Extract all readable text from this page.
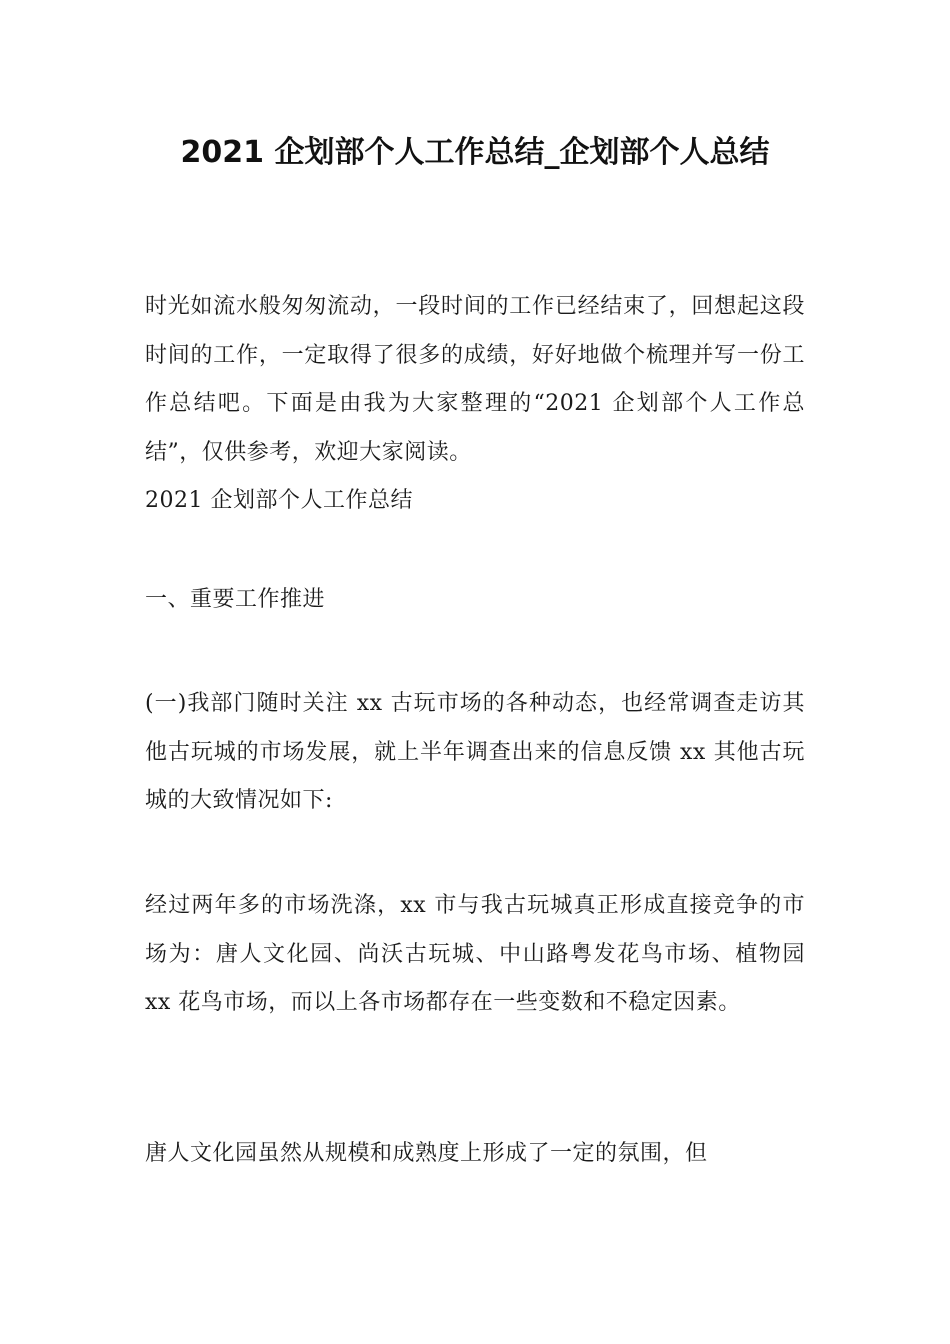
2021 企划部个人工作总结_企划部个人总结

时光如流水般匆匆流动，一段时间的工作已经结束了，回想起这段时间的工作，一定取得了很多的成绩，好好地做个梳理并写一份工作总结吧。下面是由我为大家整理的“2021 企划部个人工作总结”，仅供参考，欢迎大家阅读。

2021 企划部个人工作总结

一、重要工作推进

(一)我部门随时关注 xx 古玩市场的各种动态，也经常调查走访其他古玩城的市场发展，就上半年调查出来的信息反馈 xx 其他古玩城的大致情况如下:

经过两年多的市场洗涤，xx 市与我古玩城真正形成直接竞争的市场为：唐人文化园、尚沃古玩城、中山路粤发花鸟市场、植物园 xx 花鸟市场，而以上各市场都存在一些变数和不稳定因素。

唐人文化园虽然从规模和成熟度上形成了一定的氛围，但
